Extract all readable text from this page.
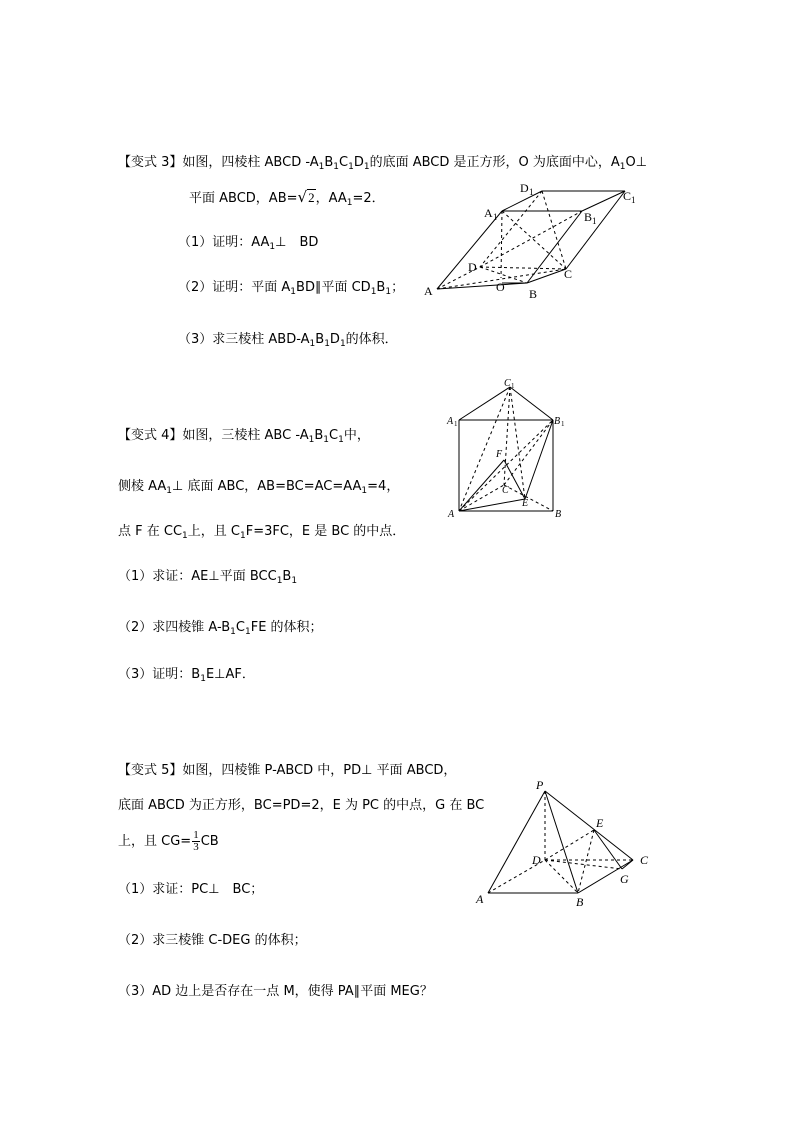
【变式 3】如图，四棱柱 ABCD $-A_1B_1C_1D_1$的底面 ABCD 是正方形，O 为底面中心，$A_1O\perp$
平面 ABCD，AB=√2，$AA_1=2$．
（1）证明：$AA_1\perp$　BD
（2）证明：平面 $A_1BD\parallel$平面 $CD_1B_1$；
（3）求三棱柱 ABD-$A_1B_1D_1$的体积．
A	B
C
D
O
A 1	B 1
C 1
D 1
【变式 4】如图，三棱柱 ABC $-A_1B_1C_1$中，
侧棱 $AA_1\perp$ 底面 ABC，$AB=BC=AC=AA_1=4$，
点 F 在 $CC_1$上，且 $C_1F=3FC$，E 是 BC 的中点．
（1）求证：AE⊥平面 $BCC_1B_1$
（2）求四棱锥 $A-B_1C_1FE$ 的体积；
（3）证明：$B_1E\perp AF$．
A	B
C
E
F
A 1	B 1
C 1
【变式 5】如图，四棱锥 P-ABCD 中，PD⊥ 平面 ABCD，
底面 ABCD 为正方形，BC=PD=2，E 为 PC 的中点，G 在 BC
上，且 $CG= \frac{1}{3}$ CB
（1）求证：PC⊥　BC；
（2）求三棱锥 C-DEG 的体积；
（3）AD 边上是否存在一点 M，使得 PA∥平面 MEG？
P
A	B
C
D
E
G
